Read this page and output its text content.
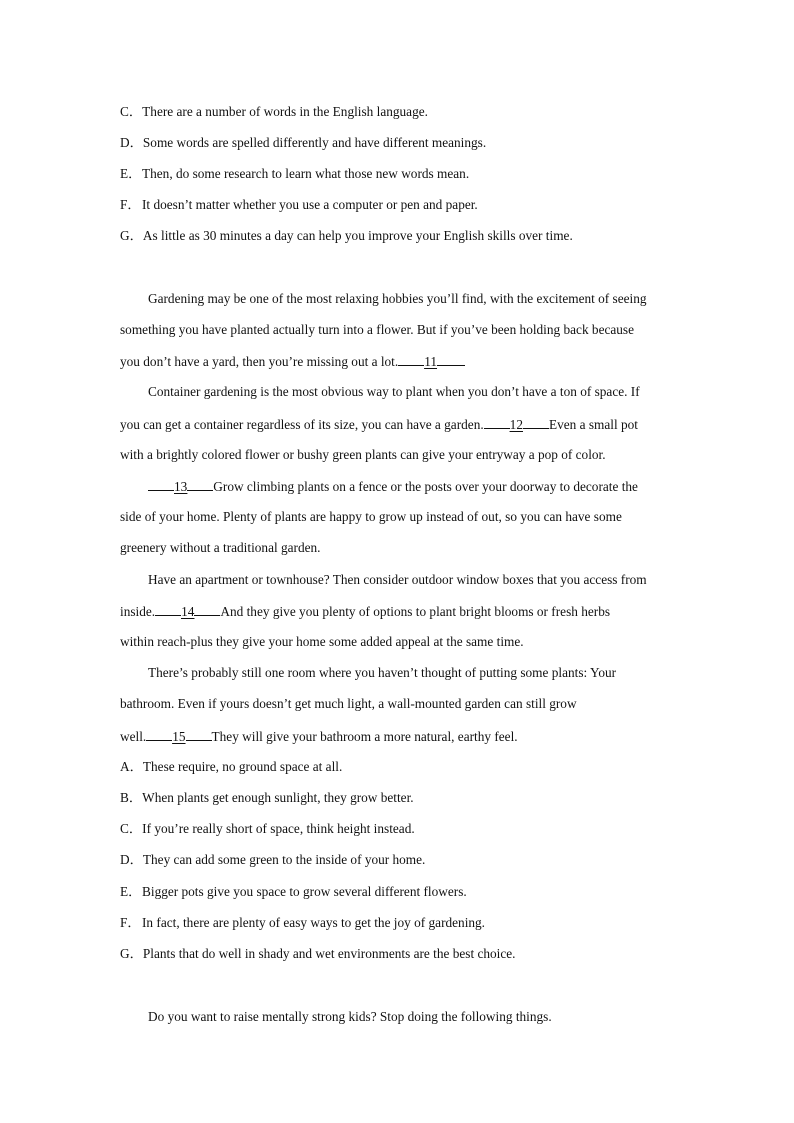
C．There are a number of words in the English language.
D．Some words are spelled differently and have different meanings.
E．Then, do some research to learn what those new words mean.
F．It doesn’t matter whether you use a computer or pen and paper.
G．As little as 30 minutes a day can help you improve your English skills over time.
Gardening may be one of the most relaxing hobbies you’ll find, with the excitement of seeing
something you have planted actually turn into a flower. But if you’ve been holding back because
you don’t have a yard, then you’re missing out a lot. 11
Container gardening is the most obvious way to plant when you don’t have a ton of space. If
you can get a container regardless of its size, you can have a garden. 12 Even a small pot
with a brightly colored flower or bushy green plants can give your entryway a pop of color.
13 Grow climbing plants on a fence or the posts over your doorway to decorate the
side of your home. Plenty of plants are happy to grow up instead of out, so you can have some
greenery without a traditional garden.
Have an apartment or townhouse? Then consider outdoor window boxes that you access from
inside. 14 And they give you plenty of options to plant bright blooms or fresh herbs
within reach-plus they give your home some added appeal at the same time.
There’s probably still one room where you haven’t thought of putting some plants: Your
bathroom. Even if yours doesn’t get much light, a wall-mounted garden can still grow
well. 15 They will give your bathroom a more natural, earthy feel.
A．These require, no ground space at all.
B．When plants get enough sunlight, they grow better.
C．If you’re really short of space, think height instead.
D．They can add some green to the inside of your home.
E．Bigger pots give you space to grow several different flowers.
F．In fact, there are plenty of easy ways to get the joy of gardening.
G．Plants that do well in shady and wet environments are the best choice.
Do you want to raise mentally strong kids? Stop doing the following things.
